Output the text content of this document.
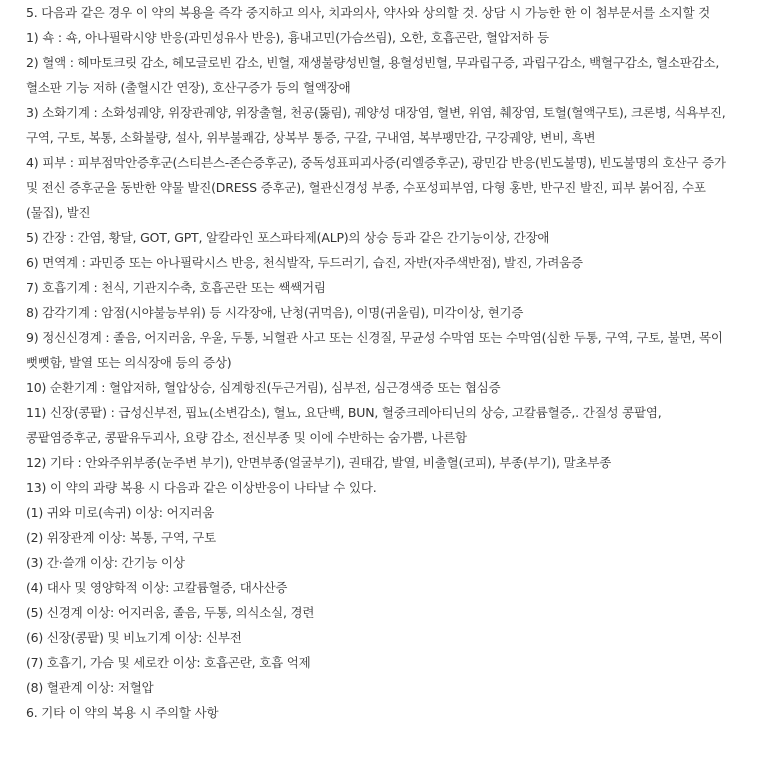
5. 다음과 같은 경우 이 약의 복용을 즉각 중지하고 의사, 치과의사, 약사와 상의할 것. 상담 시 가능한 한 이 첨부문서를 소지할 것

1) 쇽 : 쇽, 아나필락시양 반응(과민성유사 반응), 흉내고민(가슴쓰림), 오한, 호흡곤란, 혈압저하 등

2) 혈액 : 헤마토크릿 감소, 헤모글로빈 감소, 빈혈, 재생불량성빈혈, 용혈성빈혈, 무과립구증, 과립구감소, 백혈구감소, 혈소판감소, 혈소판 기능 저하 (출혈시간 연장), 호산구증가 등의 혈액장애

3) 소화기계 : 소화성궤양, 위장관궤양, 위장출혈, 천공(뚫림), 궤양성 대장염, 혈변, 위염, 췌장염, 토혈(혈액구토), 크론병, 식욕부진, 구역, 구토, 복통, 소화불량, 설사, 위부불쾌감, 상복부 통증, 구갈, 구내염, 복부팽만감, 구강궤양, 변비, 흑변

4) 피부 : 피부점막안증후군(스티븐스-존슨증후군), 중독성표피괴사증(리엘증후군), 광민감 반응(빈도불명), 빈도불명의 호산구 증가 및 전신 증후군을 동반한 약물 발진(DRESS 증후군), 혈관신경성 부종, 수포성피부염, 다형 홍반, 반구진 발진, 피부 붉어짐, 수포(물집), 발진

5) 간장 : 간염, 황달, GOT, GPT, 알칼라인 포스파타제(ALP)의 상승 등과 같은 간기능이상, 간장애

6) 면역계 : 과민증 또는 아나필락시스 반응, 천식발작, 두드러기, 습진, 자반(자주색반점), 발진, 가려움증

7) 호흡기계 : 천식, 기관지수축, 호흡곤란 또는 쌕쌕거림

8) 감각기계 : 암점(시야불능부위) 등 시각장애, 난청(귀먹음), 이명(귀울림), 미각이상, 현기증

9) 정신신경계 : 졸음, 어지러움, 우울, 두통, 뇌혈관 사고 또는 신경질, 무균성 수막염 또는 수막염(심한 두통, 구역, 구토, 불면, 목이 뻣뻣함, 발열 또는 의식장애 등의 증상)

10) 순환기계 : 혈압저하, 혈압상승, 심계항진(두근거림), 심부전, 심근경색증 또는 협심증

11) 신장(콩팥) : 급성신부전, 핍뇨(소변감소), 혈뇨, 요단백, BUN, 혈중크레아티닌의 상승, 고칼륨혈증,. 간질성 콩팥염, 콩팥염증후군, 콩팥유두괴사, 요량 감소, 전신부종 및 이에 수반하는 숨가쁨, 나른함

12) 기타 : 안와주위부종(눈주변 부기), 안면부종(얼굴부기), 권태감, 발열, 비출혈(코피), 부종(부기), 말초부종

13) 이 약의 과량 복용 시 다음과 같은 이상반응이 나타날 수 있다.

(1) 귀와 미로(속귀) 이상: 어지러움

(2) 위장관계 이상: 복통, 구역, 구토

(3) 간·쓸개 이상: 간기능 이상

(4) 대사 및 영양학적 이상: 고칼륨혈증, 대사산증

(5) 신경계 이상: 어지러움, 졸음, 두통, 의식소실, 경련

(6) 신장(콩팥) 및 비뇨기계 이상: 신부전

(7) 호흡기, 가슴 및 세로칸 이상: 호흡곤란, 호흡 억제

(8) 혈관계 이상: 저혈압

6. 기타 이 약의 복용 시 주의할 사항
